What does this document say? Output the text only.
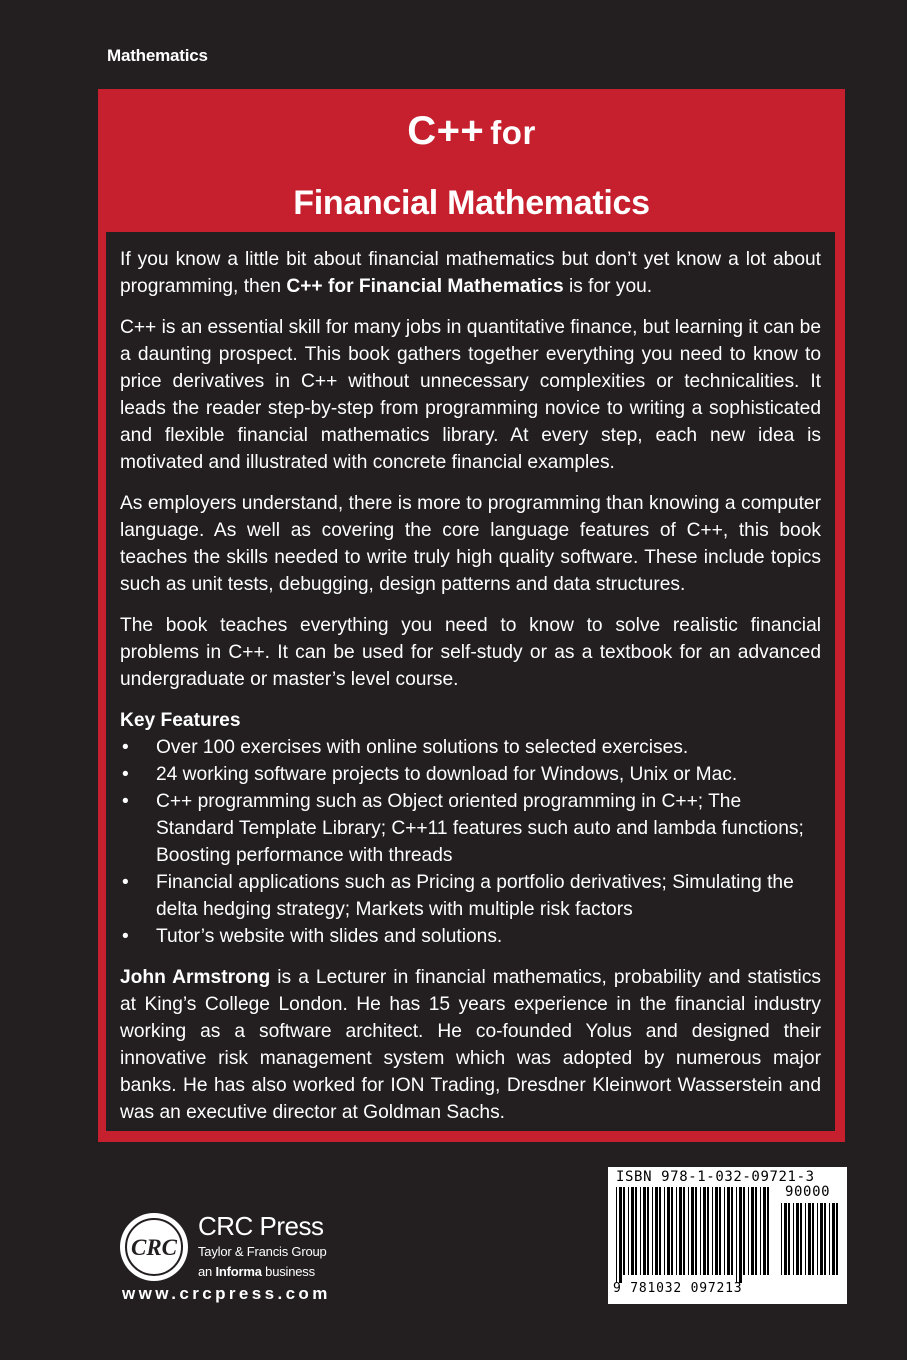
Mathematics
C++ for
Financial Mathematics

If you know a little bit about financial mathematics but don’t yet know a lot about programming, then C++ for Financial Mathematics is for you.

C++ is an essential skill for many jobs in quantitative finance, but learning it can be a daunting prospect. This book gathers together everything you need to know to price derivatives in C++ without unnecessary complexities or technicalities. It leads the reader step-by-step from programming novice to writing a sophisticated and flexible financial mathematics library. At every step, each new idea is motivated and illustrated with concrete financial examples.

As employers understand, there is more to programming than knowing a computer language. As well as covering the core language features of C++, this book teaches the skills needed to write truly high quality software. These include topics such as unit tests, debugging, design patterns and data structures.

The book teaches everything you need to know to solve realistic financial problems in C++. It can be used for self-study or as a textbook for an advanced undergraduate or master’s level course.

Key Features

• Over 100 exercises with online solutions to selected exercises.
• 24 working software projects to download for Windows, Unix or Mac.
• C++ programming such as Object oriented programming in C++; The Standard Template Library; C++11 features such auto and lambda functions; Boosting performance with threads
• Financial applications such as Pricing a portfolio derivatives; Simulating the delta hedging strategy; Markets with multiple risk factors
• Tutor’s website with slides and solutions.

John Armstrong is a Lecturer in financial mathematics, probability and statistics at King’s College London. He has 15 years experience in the financial industry working as a software architect. He co-founded Yolus and designed their innovative risk management system which was adopted by numerous major banks. He has also worked for ION Trading, Dresdner Kleinwort Wasserstein and was an executive director at Goldman Sachs.

ISBN 978-1-032-09721-3
90000
9 781032 097213
CRC
CRC Press
Taylor & Francis Group
an Informa business
www.crcpress.com
